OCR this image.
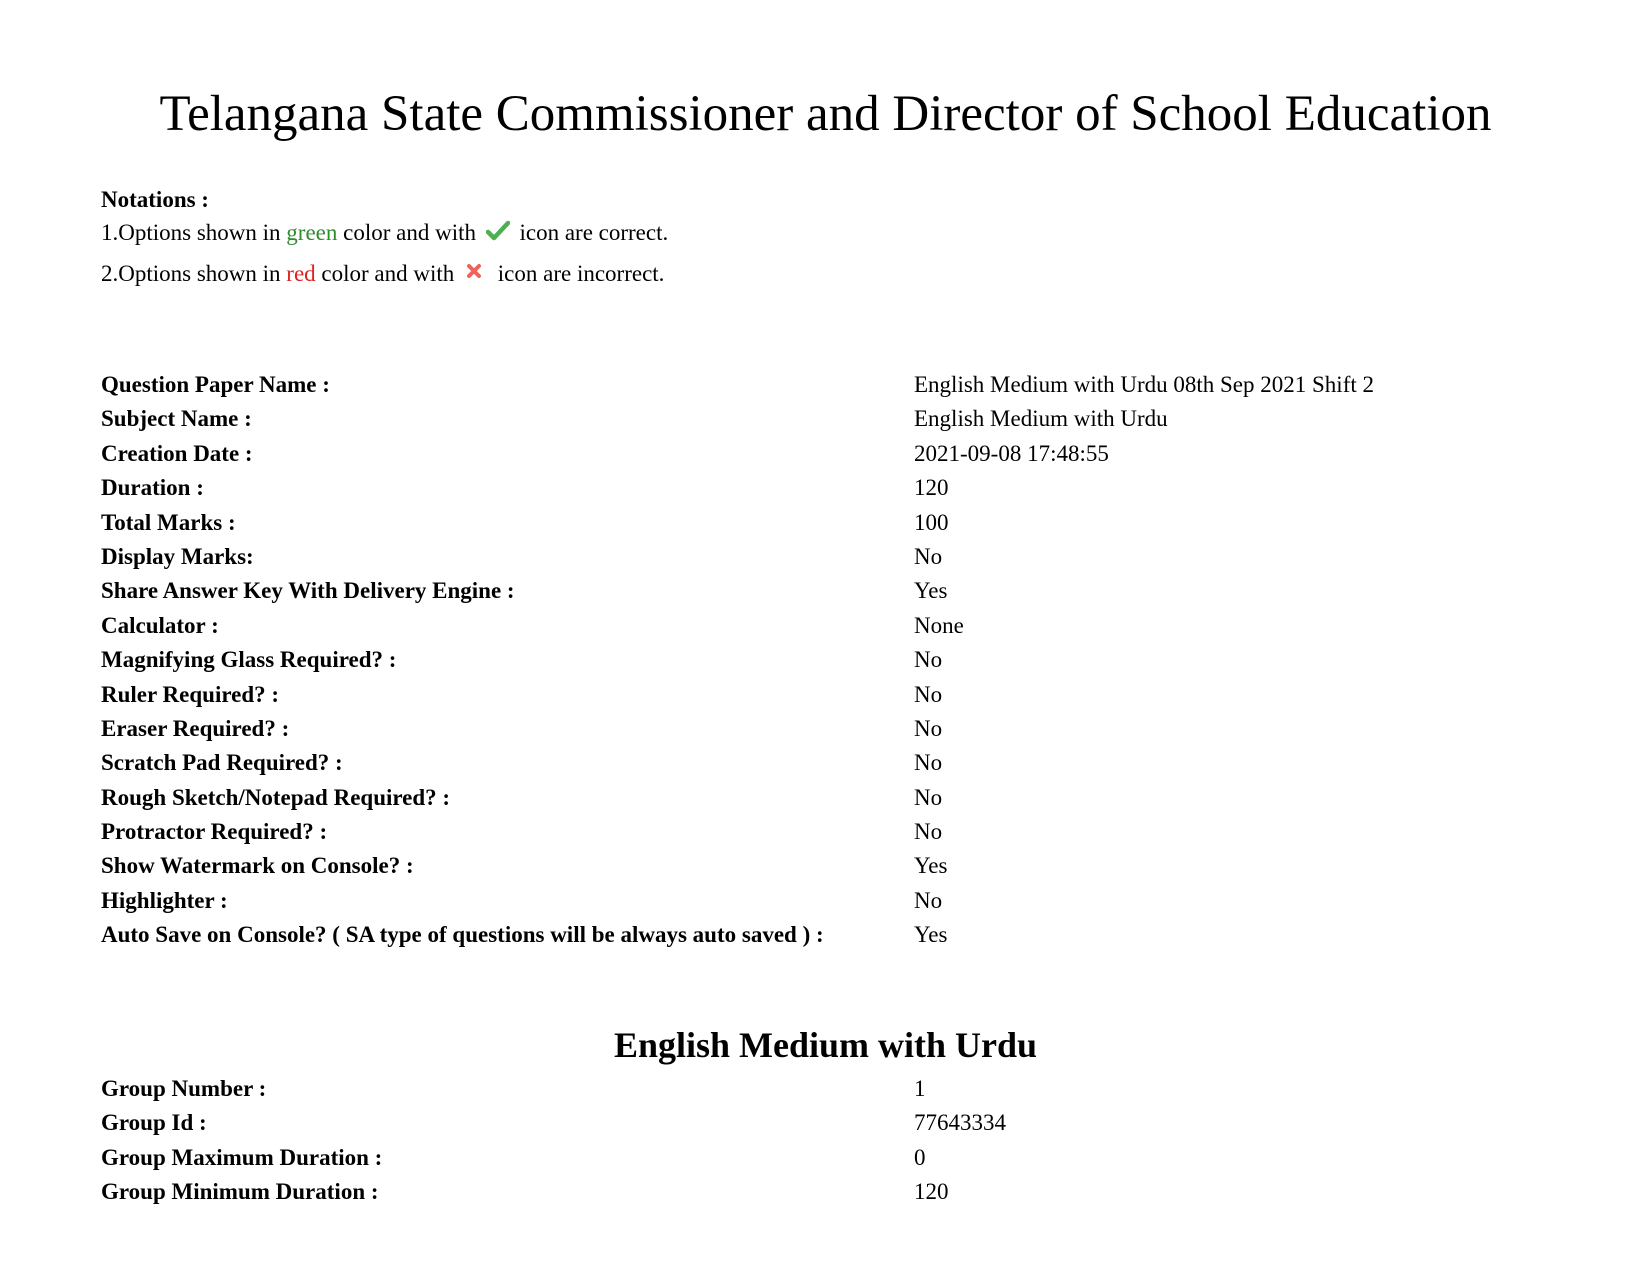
Telangana State Commissioner and Director of School Education
Notations :
1.Options shown in green color and with icon are correct.
2.Options shown in red color and with icon are incorrect.
Question Paper Name :	English Medium with Urdu 08th Sep 2021 Shift 2
Subject Name :	English Medium with Urdu
Creation Date :	2021-09-08 17:48:55
Duration :	120
Total Marks :	100
Display Marks:	No
Share Answer Key With Delivery Engine :	Yes
Calculator :	None
Magnifying Glass Required? :	No
Ruler Required? :	No
Eraser Required? :	No
Scratch Pad Required? :	No
Rough Sketch/Notepad Required? :	No
Protractor Required? :	No
Show Watermark on Console? :	Yes
Highlighter :	No
Auto Save on Console? ( SA type of questions will be always auto saved ) :	Yes
English Medium with Urdu
Group Number :	1
Group Id :	77643334
Group Maximum Duration :	0
Group Minimum Duration :	120
